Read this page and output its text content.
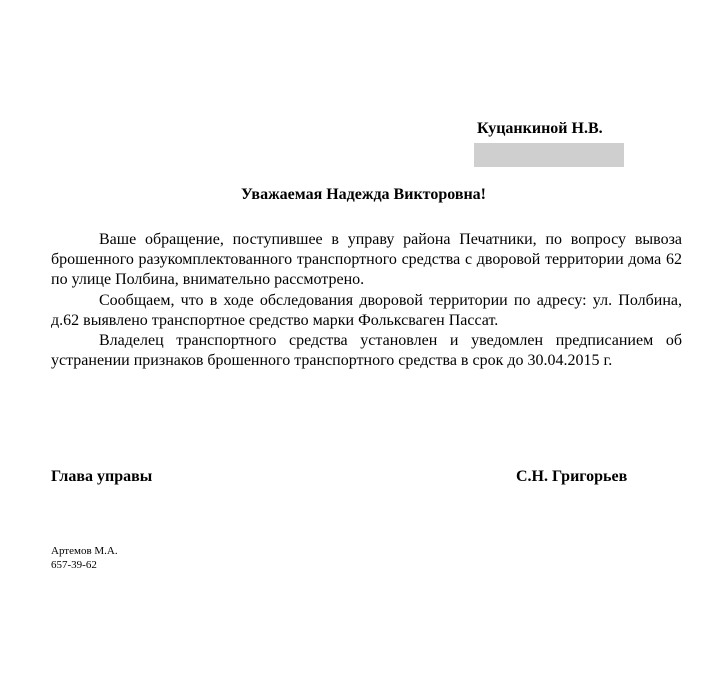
Куцанкиной Н.В.
Уважаемая Надежда Викторовна!

Ваше обращение, поступившее в управу района Печатники, по вопросу вывоза брошенного разукомплектованного транспортного средства с дворовой территории дома 62 по улице Полбина, внимательно рассмотрено.

Сообщаем, что в ходе обследования дворовой территории по адресу: ул. Полбина, д.62 выявлено транспортное средство марки Фольксваген Пассат.

Владелец транспортного средства установлен и уведомлен предписанием об устранении признаков брошенного транспортного средства в срок до 30.04.2015 г.

Глава управы	С.Н. Григорьев
Артемов М.А.
657-39-62
